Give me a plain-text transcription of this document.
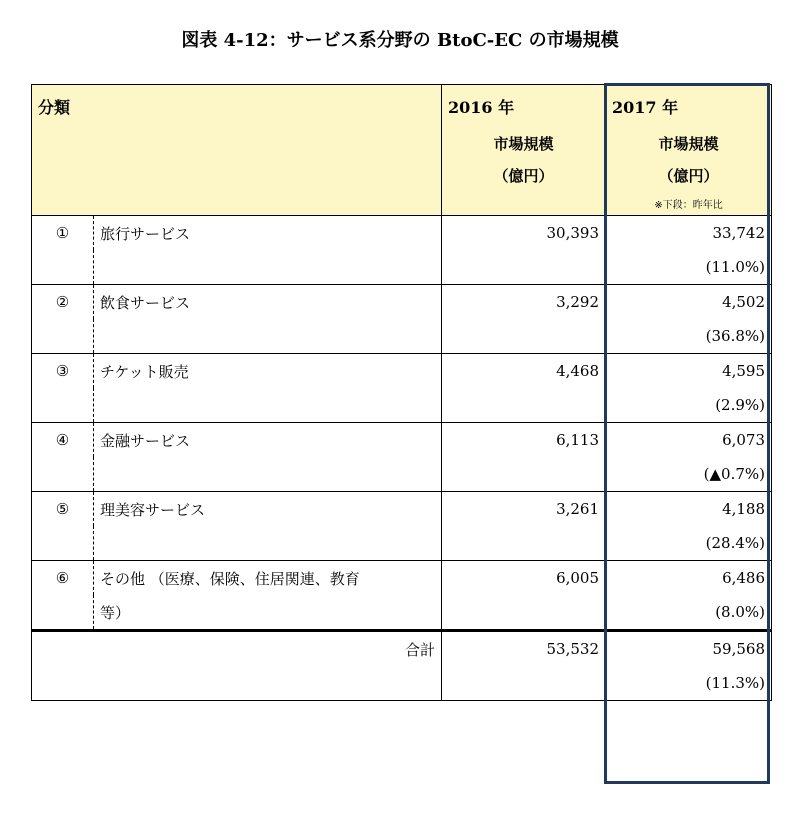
図表 4-12：サービス系分野の BtoC-EC の市場規模
分類		2016 年	2017 年
		市場規模	市場規模
		（億円）	（億円）
			※下段：昨年比
①	旅行サービス	30,393	33,742
			(11.0%)
②	飲食サービス	3,292	4,502
			(36.8%)
③	チケット販売	4,468	4,595
			(2.9%)
④	金融サービス	6,113	6,073
			(▲0.7%)
⑤	理美容サービス	3,261	4,188
			(28.4%)
⑥	その他 （医療、保険、住居関連、教育	6,005	6,486
	等）		(8.0%)
合計		53,532	59,568
			(11.3%)
